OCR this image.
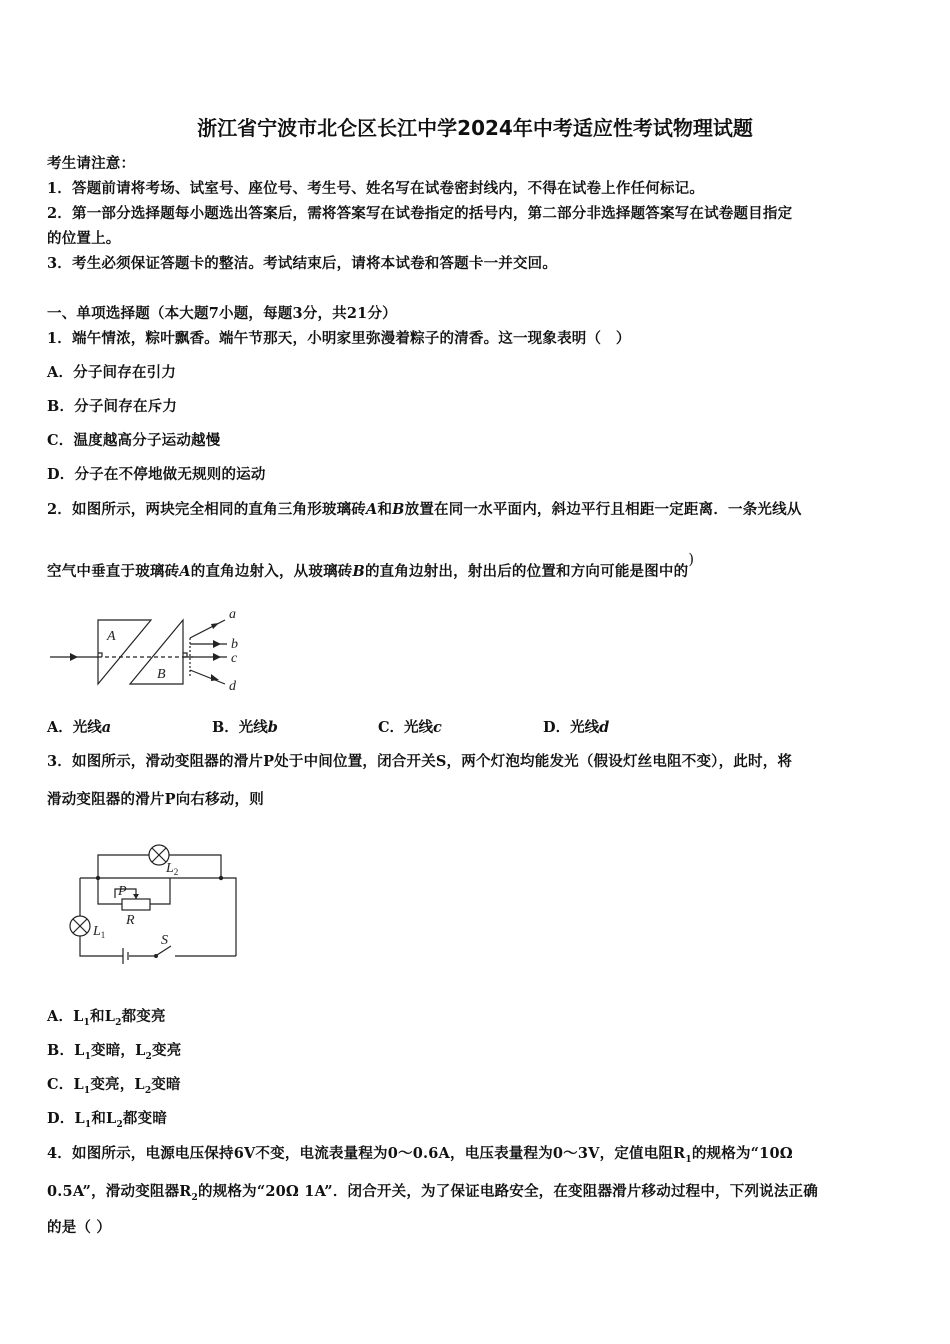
浙江省宁波市北仑区长江中学2024年中考适应性考试物理试题
考生请注意：
1．答题前请将考场、试室号、座位号、考生号、姓名写在试卷密封线内，不得在试卷上作任何标记。
2．第一部分选择题每小题选出答案后，需将答案写在试卷指定的括号内，第二部分非选择题答案写在试卷题目指定
的位置上。
3．考生必须保证答题卡的整洁。考试结束后，请将本试卷和答题卡一并交回。
一、单项选择题（本大题7小题，每题3分，共21分）
1．端午情浓，粽叶飘香。端午节那天，小明家里弥漫着粽子的清香。这一现象表明（　）
A．分子间存在引力
B．分子间存在斥力
C．温度越高分子运动越慢
D．分子在不停地做无规则的运动
2．如图所示，两块完全相同的直角三角形玻璃砖A和B放置在同一水平面内，斜边平行且相距一定距离．一条光线从
空气中垂直于玻璃砖A的直角边射入，从玻璃砖B的直角边射出，射出后的位置和方向可能是图中的)
A
B
a
b
c
d
A．光线a	B．光线b	C．光线c	D．光线d
3．如图所示，滑动变阻器的滑片P处于中间位置，闭合开关S，两个灯泡均能发光（假设灯丝电阻不变），此时，将
滑动变阻器的滑片P向右移动，则
$L_2$
P
R
$L_1$	S
A．$L_1$和$L_2$都变亮
B．$L_1$变暗，$L_2$变亮
C．$L_1$变亮，$L_2$变暗
D．$L_1$和$L_2$都变暗
4．如图所示，电源电压保持6V不变，电流表量程为0～0.6A，电压表量程为0～3V，定值电阻$R_1$的规格为“10Ω
0.5A”，滑动变阻器$R_2$的规格为“20Ω 1A”．闭合开关，为了保证电路安全，在变阻器滑片移动过程中，下列说法正确
的是（ ）
